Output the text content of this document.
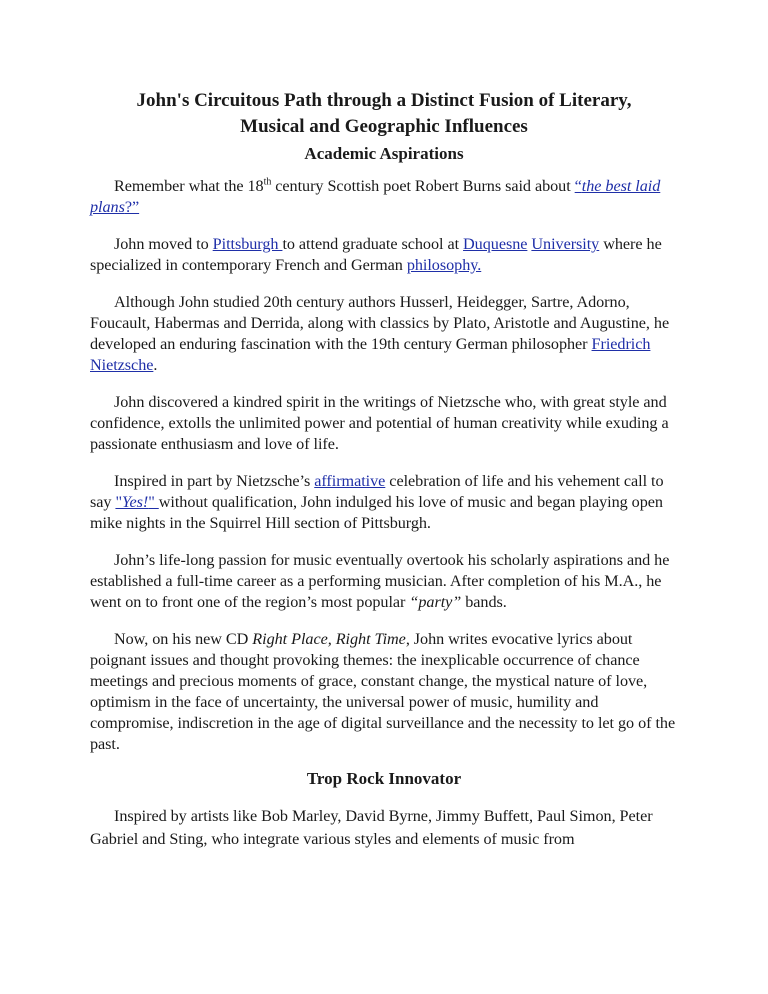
John's Circuitous Path through a Distinct Fusion of Literary,
Musical and Geographic Influences
Academic Aspirations

Remember what the 18th century Scottish poet Robert Burns said about “the best laid plans?”

John moved to Pittsburgh to attend graduate school at Duquesne University where he specialized in contemporary French and German philosophy.

Although John studied 20th century authors Husserl, Heidegger, Sartre, Adorno, Foucault, Habermas and Derrida, along with classics by Plato, Aristotle and Augustine, he developed an enduring fascination with the 19th century German philosopher Friedrich Nietzsche.

John discovered a kindred spirit in the writings of Nietzsche who, with great style and confidence, extolls the unlimited power and potential of human creativity while exuding a passionate enthusiasm and love of life.

Inspired in part by Nietzsche’s affirmative celebration of life and his vehement call to say "Yes!" without qualification, John indulged his love of music and began playing open mike nights in the Squirrel Hill section of Pittsburgh.

John’s life-long passion for music eventually overtook his scholarly aspirations and he established a full-time career as a performing musician. After completion of his M.A., he went on to front one of the region’s most popular “party” bands.

Now, on his new CD Right Place, Right Time, John writes evocative lyrics about poignant issues and thought provoking themes: the inexplicable occurrence of chance meetings and precious moments of grace, constant change, the mystical nature of love, optimism in the face of uncertainty, the universal power of music, humility and compromise, indiscretion in the age of digital surveillance and the necessity to let go of the past.

Trop Rock Innovator

Inspired by artists like Bob Marley, David Byrne, Jimmy Buffett, Paul Simon, Peter Gabriel and Sting, who integrate various styles and elements of music from
